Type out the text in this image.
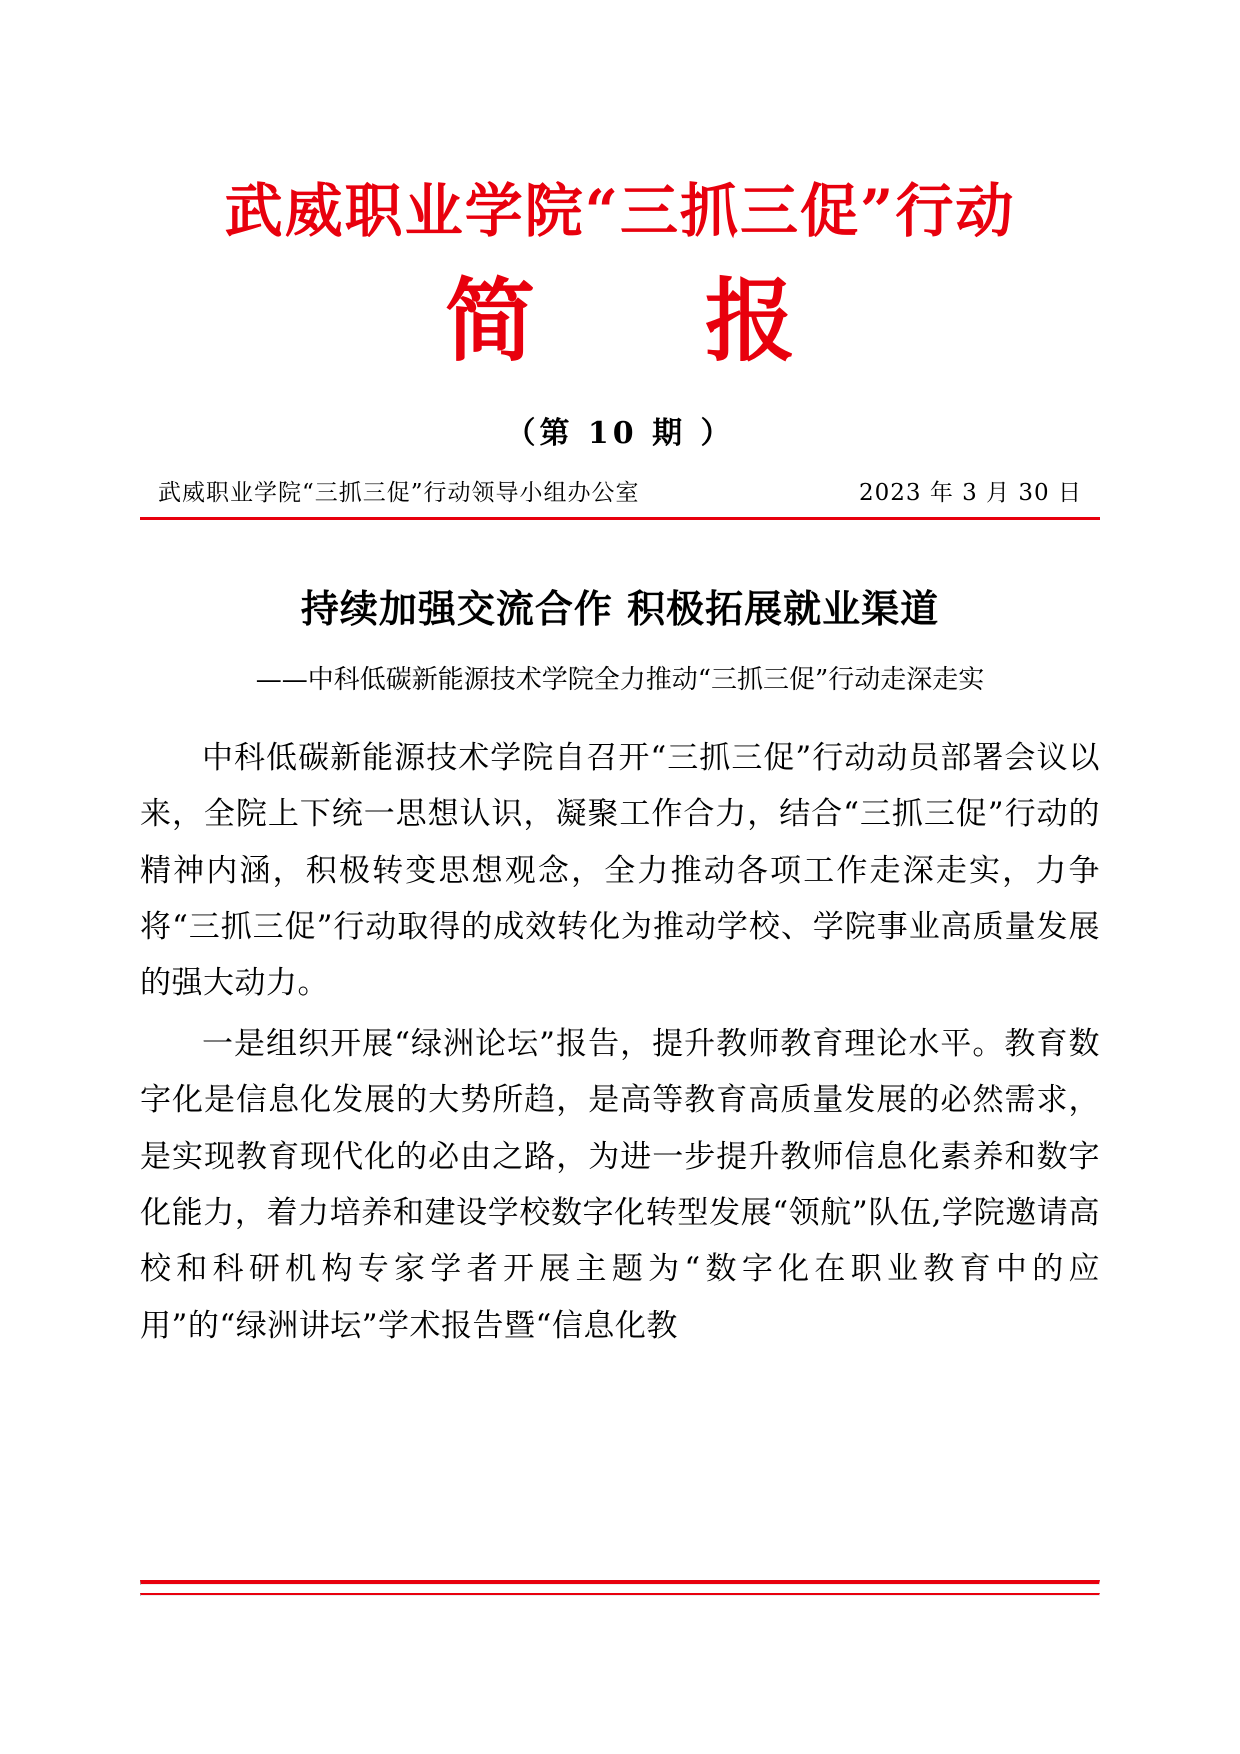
武威职业学院“三抓三促”行动
简　报
（第 10 期 ）
武威职业学院“三抓三促”行动领导小组办公室	2023 年 3 月 30 日
持续加强交流合作 积极拓展就业渠道
——中科低碳新能源技术学院全力推动“三抓三促”行动走深走实

中科低碳新能源技术学院自召开“三抓三促”行动动员部署会议以来，全院上下统一思想认识，凝聚工作合力，结合“三抓三促”行动的精神内涵，积极转变思想观念，全力推动各项工作走深走实，力争将“三抓三促”行动取得的成效转化为推动学校、学院事业高质量发展的强大动力。

一是组织开展“绿洲论坛”报告，提升教师教育理论水平。教育数字化是信息化发展的大势所趋，是高等教育高质量发展的必然需求，是实现教育现代化的必由之路，为进一步提升教师信息化素养和数字化能力，着力培养和建设学校数字化转型发展“领航”队伍,学院邀请高校和科研机构专家学者开展主题为“数字化在职业教育中的应用”的“绿洲讲坛”学术报告暨“信息化教
